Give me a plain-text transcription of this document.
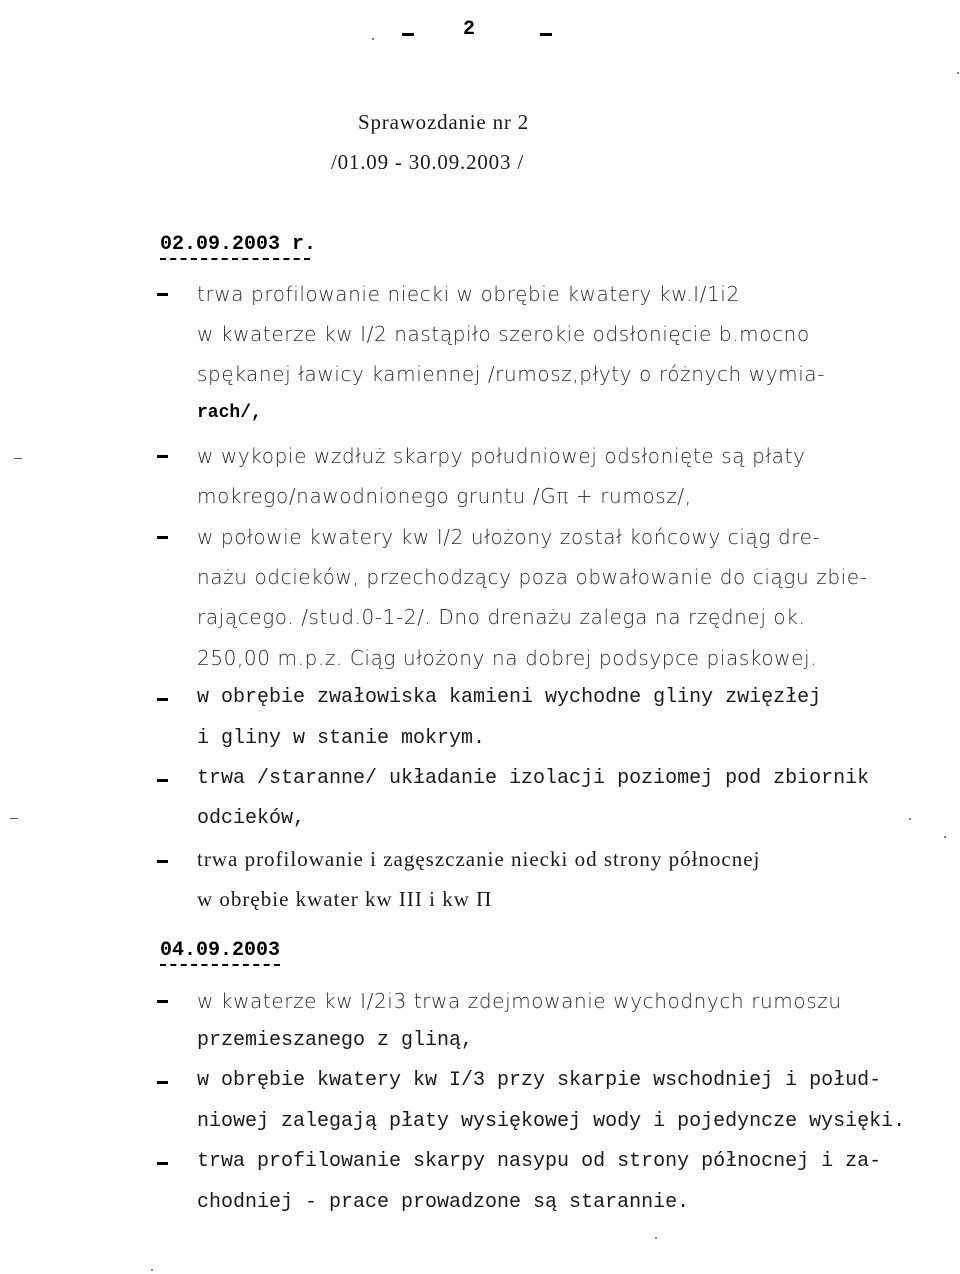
2
Sprawozdanie nr 2
/01.09 - 30.09.2003 /
02.09.2003 r.
trwa profilowanie niecki w obrębie kwatery kw.I/1i2
w kwaterze kw I/2 nastąpiło szerokie odsłonięcie b.mocno
spękanej ławicy kamiennej /rumosz,płyty o różnych wymia-
rach/,
w wykopie wzdłuż skarpy południowej odsłonięte są płaty
mokrego/nawodnionego gruntu /Gπ + rumosz/,
w połowie kwatery kw I/2 ułożony został końcowy ciąg dre-
nażu odcieków, przechodzący poza obwałowanie do ciągu zbie-
rającego. /stud.0-1-2/. Dno drenażu zalega na rzędnej ok.
250,00 m.p.z. Ciąg ułożony na dobrej podsypce piaskowej.
w obrębie zwałowiska kamieni wychodne gliny zwięzłej
i gliny w stanie mokrym.
trwa /staranne/ układanie izolacji poziomej pod zbiornik
odcieków,
trwa profilowanie i zagęszczanie niecki od strony północnej
w obrębie kwater kw III i kw Π
04.09.2003
w kwaterze kw I/2i3 trwa zdejmowanie wychodnych rumoszu
przemieszanego z gliną,
w obrębie kwatery kw I/3 przy skarpie wschodniej i połud-
niowej zalegają płaty wysiękowej wody i pojedyncze wysięki.
trwa profilowanie skarpy nasypu od strony północnej i za-
chodniej - prace prowadzone są starannie.
